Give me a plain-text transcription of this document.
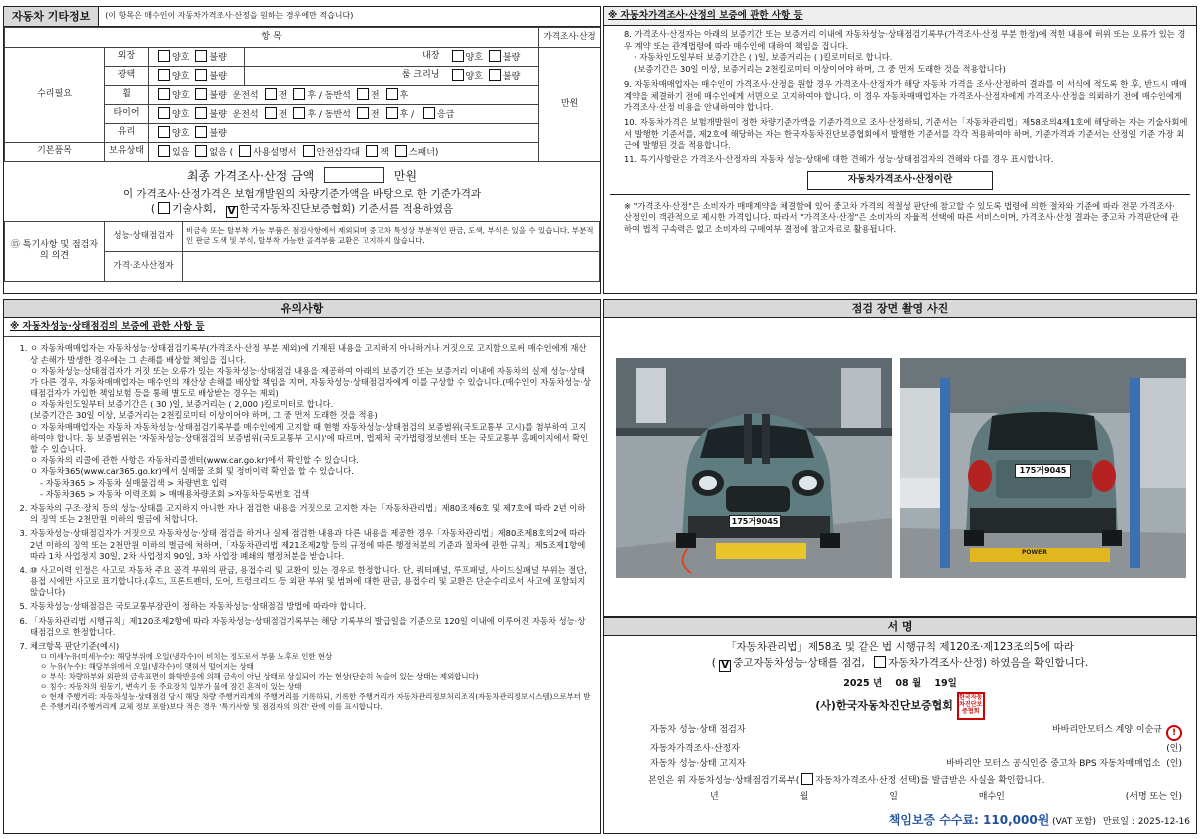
자동차 기타정보	(이 항목은 매수인이 자동차가격조사·산정을 원하는 경우에만 적습니다)
항 목					가격조사·산정
수리필요	외장	양호 불량	내장	양호 불량	만원
	광택	양호 불량	룸 크리닝	양호 불량	
	휠	양호 불량 운전석 전 후 / 동반석 전 후			
	타이어	양호 불량 운전석 전 후 / 동반석 전 후 / 응급			
	유리	양호 불량			
기본품목	보유상태	있음 없음 ( 사용설명서 안전삼각대 잭 스패너)			
최종 가격조사·산정 금액	만원
이 가격조사·산정가격은 보험개발원의 차량기준가액을 바탕으로 한 기준가격과
( 기술사회, V 한국자동차진단보증협회) 기준서를 적용하였음
⑮ 특기사항 및 점검자의 의견	성능·상태점검자	비금속 또는 탈부착 가능 부품은 점검사항에서 제외되며 중고차 특성상 부분적인 판금, 도색, 부식은 있을 수 있습니다. 부분적인 판금 도색 및 부식, 탈부착 가능한 골격부품 교환은 고지하지 않습니다.
	가격·조사산정자	
※ 자동차가격조사·산정의 보증에 관한 사항 등
8. 가격조사·산정자는 아래의 보증기간 또는 보증거리 이내에 자동차성능·상태점검기록부(가격조사·산정 부분 한정)에 적힌 내용에 허위 또는 오류가 있는 경우 계약 또는 관계법령에 따라 매수인에 대하여 책임을 집니다.
· 자동차인도일부터 보증기간은 ( )일, 보증거리는 ( )킬로미터로 합니다.
(보증기간은 30일 이상, 보증거리는 2천킬로미터 이상이어야 하며, 그 중 먼저 도래한 것을 적용합니다)
9. 자동차매매업자는 매수인이 가격조사·산정을 원할 경우 가격조사·산정자가 해당 자동차 가격을 조사·산정하여 결과를 이 서식에 적도록 한 후, 반드시 매매계약을 체결하기 전에 매수인에게 서면으로 고지하여야 합니다. 이 경우 자동차매매업자는 가격조사·산정자에게 가격조사·산정을 의뢰하기 전에 매수인에게 가격조사·산정 비용을 안내하여야 합니다.
10. 자동차가격은 보험개발원이 정한 차량기준가액을 기준가격으로 조사·산정하되, 기준서는「자동차관리법」제58조의4제1호에 해당하는 자는 기술사회에서 발행한 기준서를, 제2호에 해당하는 자는 한국자동차진단보증협회에서 발행한 기준서를 각각 적용하여야 하며, 기준가격과 기준서는 산정일 기준 가장 최근에 발행된 것을 적용합니다.
11. 특기사항란은 가격조사·산정자의 자동차 성능·상태에 대한 견해가 성능·상태점검자의 견해와 다를 경우 표시합니다.
자동차가격조사·산정이란
※ "가격조사·산정"은 소비자가 매매계약을 체결함에 있어 중고차 가격의 적절성 판단에 참고할 수 있도록 법령에 의한 절차와 기준에 따라 전문 가격조사·산정인이 객관적으로 제시한 가격입니다. 따라서 "가격조사·산정"은 소비자의 자율적 선택에 따른 서비스이며, 가격조사·산정 결과는 중고차 가격판단에 관하여 법적 구속력은 없고 소비자의 구매여부 결정에 참고자료로 활용됩니다.
유의사항
※ 자동차성능·상태점검의 보증에 관한 사항 등
1. ㅇ 자동차매매업자는 자동차성능·상태점검기록부(가격조사·산정 부분 제외)에 기재된 내용을 고지하지 아니하거나 거짓으로 고지함으로써 매수인에게 재산상 손해가 발생한 경우에는 그 손해를 배상할 책임을 집니다.
ㅇ 자동차성능·상태점검자가 거짓 또는 오류가 있는 자동차성능·상태점검 내용을 제공하여 아래의 보증기간 또는 보증거리 이내에 자동차의 실제 성능·상태가 다른 경우, 자동차매매업자는 매수인의 재산상 손해를 배상할 책임을 지며, 자동차성능·상태점검자에게 이를 구상할 수 있습니다.(매수인이 자동차성능·상태점검자가 가입한 책임보험 등을 통해 별도로 배상받는 경우는 제외)
ㅇ 자동차인도일부터 보증기간은 ( 30 )일, 보증거리는 ( 2,000 )킬로미터로 합니다.
(보증기간은 30일 이상, 보증거리는 2천킬로미터 이상이어야 하며, 그 중 먼저 도래한 것을 적용)
ㅇ 자동차매매업자는 자동차 자동차성능·상태점검기록부를 매수인에게 고지할 때 현행 자동차성능·상태점검의 보증범위(국토교통부 고시)를 첨부하여 고지하여야 합니다. 동 보증범위는 '자동차성능·상태점검의 보증범위(국토교통부 고시)'에 따르며, 법제처 국가법령정보센터 또는 국토교통부 홈페이지에서 확인할 수 있습니다.
ㅇ 자동차의 리콜에 관한 사항은 자동차리콜센터(www.car.go.kr)에서 확인할 수 있습니다.
ㅇ 자동차365(www.car365.go.kr)에서 실매물 조회 및 정비이력 확인을 할 수 있습니다.
- 자동차365 > 자동차 실매물검색 > 차량번호 입력
- 자동차365 > 자동차 이력조회 > 매매용차량조회 >자동차등록번호 검색
2. 자동차의 구조·장치 등의 성능·상태를 고지하지 아니한 자나 점검한 내용을 거짓으로 고지한 자는「자동차관리법」제80조제6호 및 제7호에 따라 2년 이하의 징역 또는 2천만원 이하의 벌금에 처합니다.
3. 자동차성능·상태점검자가 거짓으로 자동차성능·상태 점검을 하거나 실제 점검한 내용과 다른 내용을 제공한 경우「자동차관리법」제80조제8호의2에 따라 2년 이하의 징역 또는 2천만원 이하의 벌금에 처하며,「자동차관리법 제21조제2항 등의 규정에 따른 행정처분의 기준과 절차에 관한 규칙」제5조제1항에 따라 1차 사업정지 30일, 2차 사업정지 90일, 3차 사업장 폐쇄의 행정처분을 받습니다.
4. ⑩ 사고이력 인정은 사고로 자동차 주요 골격 부위의 판금, 용접수리 및 교환이 있는 경우로 한정합니다. 단, 쿼터패널, 루프패널, 사이드실패널 부위는 절단, 용접 시에만 사고로 표기합니다.(후드, 프론트펜더, 도어, 트렁크리드 등 외판 부위 및 범퍼에 대한 판금, 용접수리 및 교환은 단순수리로서 사고에 포함되지 않습니다)
5. 자동차성능·상태점검은 국토교통부장관이 정하는 자동차성능·상태점검 방법에 따라야 합니다.
6. 「자동차관리법 시행규칙」제120조제2항에 따라 자동차성능·상태점검기록부는 해당 기록부의 발급일을 기준으로 120일 이내에 이루어진 자동차 성능·상태점검으로 한정합니다.
7. 체크항목 판단기준(예시)
ㅁ 미세누유(미세누수): 해당부위에 오일(냉각수)이 비치는 정도로서 부품 노후로 인한 현상
ㅇ 누유(누수): 해당부위에서 오일(냉각수)이 맺혀서 떨어지는 상태
ㅇ 부식: 차량하부와 외판의 금속표면이 화학반응에 의해 금속이 아닌 상태로 상실되어 가는 현상(단순히 녹슬어 있는 상태는 제외합니다)
ㅇ 침수: 자동차의 원동기, 변속기 등 주요장치 일부가 물에 잠긴 흔적이 있는 상태
ㅇ 현재 주행거리: 자동차성능·상태점검 당시 해당 차량 주행거리계의 주행거리를 기록하되, 기록한 주행거리가 자동차관리정보처리조직(자동차관리정보시스템)으로부터 받은 주행거리(주행거리계 교체 정보 포함)보다 적은 경우 '특기사항 및 점검자의 의견' 란에 이를 표시합니다.
점검 장면 촬영 사진
175거9045
175거9045
POWER
서 명
「자동차관리법」제58조 및 같은 법 시행규칙 제120조·제123조의5에 따라
( V중고자동차성능·상태를 점검, 자동차가격조사·산정) 하였음을 확인합니다.
2025 년 08 월 19일
(사)한국자동차진단보증협회 한국자동차진단보증협회
자동차 성능·상태 점검자	바바리안모터스 계양 이순규	!
자동차가격조사·산정자	(인)
자동차 성능·상태 고지자	바바리안 모터스 공식인증 중고차 BPS 자동차매매업소 (인)
본인은 위 자동차성능·상태점검기록부( 자동차가격조사·산정 선택)를 발급받은 사실을 확인합니다.
년	월	일	매수인	(서명 또는 인)
책임보증 수수료: 110,000원 (VAT 포함) 만료일 : 2025-12-16
